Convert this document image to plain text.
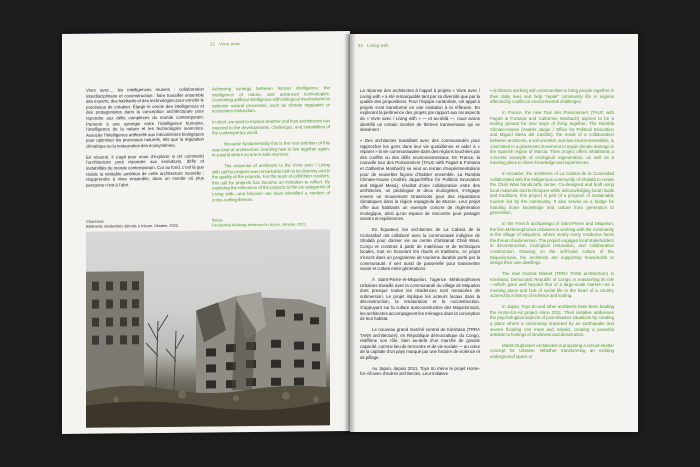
22 Vivre avec

Vivre avec… les intelligences réunies : collaboration interdisciplinaire et coconstruction : faire travailler ensemble des experts, des habitants et des technologies pour enrichir le processus de création. Élargir le cercle des intelligences et des protagonistes dans la conception architecturale pour répondre aux défis complexes du monde contemporain. Parvenir à une synergie entre l’intelligence humaine, l’intelligence de la nature et les technologies avancées. Associer l’intelligence artificielle aux mécanismes biologiques pour optimiser les processus naturels, tels que la régulation climatique ou la restauration des écosystèmes.

En résumé, il s’agit pour nous d’explorer si (et comment) l’architecture peut répondre aux évolutions, défis et instabilités du monde contemporain. Car au fond, c’est là que réside la véritable ambition de cette architecture nouvelle : réapprendre à vivre ensemble, dans un monde où plus personne n’est à l’abri.

Achieving synergy between human intelligence, the intelligence of nature, and advanced technologies. Combining artificial intelligence with biological mechanisms to optimize natural processes, such as climate regulation or ecosystem restoration.

In short, we want to explore whether and how architecture can respond to the developments, challenges, and instabilities of the contemporary world.

Because fundamentally this is the real ambition of this new kind of architecture: learning how to live together again, in a world where no one is safe anymore.

The response of architects to the Vivre avec / Living with call for projects was remarkable both in its diversity and in the quality of the projects. For the team of exhibition curators, this call for projects has become an invitation to reflect. By exploring the relevance of the projects to the six categories of Living with—and beyond—we have identified a number of cross-cutting themes.

Chassiaux
Bâtiments résidentiels détruits à Izioum, Ukraine, 2023.
Below:
Residential buildings destroyed in Izyum, Ukraine, 2023.
23 Living with

La réponse des architectes à l’appel à projets « Vivre avec / Living with » a été remarquable tant par sa diversité que par la qualité des propositions. Pour l’équipe curatoriale, cet appel à projets s’est transformé en une invitation à la réflexion. En explorant la pertinence des projets par rapport aux six aspects de « Vivre avec / Living with » — et au-delà —, nous avons identifié un certain nombre de thèmes transversaux qui se dessinent :

« Des architectes travaillant avec des communautés pour rapprocher les gens dans leur vie quotidienne et aider à « réparer » la vie communautaire dans des régions touchées par des conflits ou des défis environnementaux. En France, la nouvelle tour des Poissonniers (TAUC with Fagart & Fontana et Catherine Mosbach) se veut un terrain d’expérimentations pour de nouvelles façons d’habiter ensemble. La Rambla Climate-House (Andrés Jaque/Office for Political Innovation and Miguel Mesa), résultat d’une collaboration entre des architectes, un pédologue et deux écologistes, s’engage envers un mouvement Grassroots pour des réparations climatiques dans la région espagnole de Murcie. Leur projet offre aux habitants un exemple concret de régénération écologique, ainsi qu’un espace de rencontre pour partager savoirs et expériences.

En Équateur, les architectes de La Cabina de la Curiosidad ont collaboré avec la communauté indigène de Shalalá pour donner vie au centre d’artisanat Chali Wasi. Conçu et construit à partir de matériaux et de techniques locales, tout en honorant les rituels et traditions, ce projet s’inscrit dans un programme de tourisme durable porté par la communauté. Il sert aussi de passerelle pour transmettre savoir et culture entre générations.

À Saint-Pierre-et-Miquelon, l’agence Météorophones Urbaines travaille avec la communauté du village de Miquelon dont presque toutes les résidences sont menacées de submersion. Le projet implique les acteurs locaux dans la déconstruction, la renaturation et la coconstruction. S’appuyant sur la culture autoconstructive des Miquelonnais, les architectes accompagnent les ménages dans la conception de leur habitat.

Le nouveau grand marché central de Kinshasa (TRRA TANK architecture), en République démocratique du Congo, réaffirme son rôle, bien au-delà d’un marché de grande capacité, comme lieu de rencontre et de vie sociale — au cœur de la capitale d’un pays marqué par une histoire de violence et de pillage.

Au Japon, depuis 2011, Toyo Ito mène le projet Home-for-All avec d’autres architectes. Leur initiative

• Architects working with communities to bring people together in their daily lives and help “repair” community life in regions affected by conflict or environmental challenges.

In France, the new Tour des Poissonniers (TAUC with Fagart & Fontana and Catherine Mosbach) aspires to be a testing ground for new ways of living together. The Rambla Climate-House (Andrés Jaque / Office for Political Innovation and Miguel Mesa del Castillo), the result of a collaboration between architects, a soil scientist, and two environmentalists, is committed to a grassroots movement to repair climate damage in the Spanish region of Murcia. Their project offers inhabitants a concrete example of ecological regeneration, as well as a meeting place to share knowledge and experiences.

In Ecuador, the architects of La Cabina de la Curiosidad collaborated with the Indigenous community of Shalalá to create the Chali Wasi handicrafts center. Co-designed and built using local materials and techniques while acknowledging local rituals and traditions, this project is part of a program of sustainable tourism led by the community. It also serves as a bridge for handing down knowledge and culture from generation to generation.

In the French archipelago of Saint-Pierre and Miquelon, the firm Météorophones Urbaines is working with the community in the village of Miquelon, where nearly every residence faces the threat of submersion. The project engages local stakeholders in deconstruction, ecological restoration, and collaborative construction. Drawing on the self-build culture of the Miquelonnais, the architects are supporting households to design their own dwellings.

The new Central Market (TRRA TANK architecture) in Kinshasa, Democratic Republic of Congo, is reasserting its role—which goes well beyond that of a large-scale market—as a meeting place and hub of social life in the heart of a country scarred by a history of violence and looting.

In Japan, Toyo Ito and other architects have been leading the Home-for-All project since 2011. Their initiative addresses the psychological aspects of post-disaster situations by creating a place where a community impacted by an earthquake and severe flooding can meet and rebuild, creating a powerful antidote to feelings of loneliness and desperation.

Martin Duplantier Architectes is proposing a school-shelter concept for Ukraine. Whether transforming an existing underground space or
